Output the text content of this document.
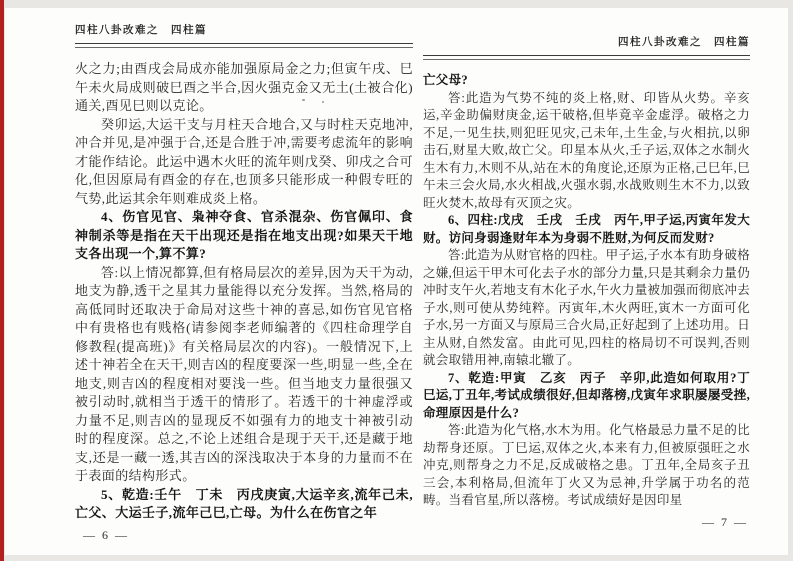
四柱八卦改难之　四柱篇

火之力;由酉戌会局成亦能加强原局金之力;但寅午戌、巳午未火局成则破巳酉之半合,因火强克金又无土(土被合化)通关,酉见巳则以克论。

癸卯运,大运干支与月柱天合地合,又与时柱天克地冲,冲合并见,是冲强于合,还是合胜于冲,需要考虑流年的影响才能作结论。此运中遇木火旺的流年则戊癸、卯戌之合可化,但因原局有酉金的存在,也顶多只能形成一种假专旺的气势,此运其余年则难成炎上格。

4、伤官见官、枭神夺食、官杀混杂、伤官佩印、食神制杀等是指在天干出现还是指在地支出现?如果天干地支各出现一个,算不算?

答:以上情况都算,但有格局层次的差异,因为天干为动,地支为静,透干之星其力量能得以充分发挥。当然,格局的高低同时还取决于命局对这些十神的喜忌,如伤官见官格中有贵格也有贱格(请参阅李老师编著的《四柱命理学自修教程(提高班)》有关格局层次的内容)。一般情况下,上述十神若全在天干,则吉凶的程度要深一些,明显一些,全在地支,则吉凶的程度相对要浅一些。但当地支力量很强又被引动时,就相当于透干的情形了。若透干的十神虚浮或力量不足,则吉凶的显现反不如强有力的地支十神被引动时的程度深。总之,不论上述组合是现于天干,还是藏于地支,还是一藏一透,其吉凶的深浅取决于本身的力量而不在于表面的结构形式。

5、乾造:壬午　丁未　丙戌庚寅,大运辛亥,流年己未,亡父、大运壬子,流年己巳,亡母。为什么在伤官之年

— 6 —
四柱八卦改难之　四柱篇

亡父母?

答:此造为气势不纯的炎上格,财、印皆从火势。辛亥运,辛金助偏财庚金,运干破格,但毕竟辛金虚浮。破格之力不足,一见生扶,则犯旺见灾,己未年,土生金,与火相抗,以卵击石,财星大败,故亡父。印星本从火,壬子运,双体之水制火生木有力,木则不从,站在木的角度论,还原为正格,己巳年,巳午未三会火局,水火相战,火强水弱,水战败则生木不力,以致旺火焚木,故母有灭顶之灾。

6、四柱:戊戌　壬戌　壬戌　丙午,甲子运,丙寅年发大财。访问身弱逢财年本为身弱不胜财,为何反而发财?

答:此造为从财官格的四柱。甲子运,子水本有助身破格之嫌,但运干甲木可化去子水的部分力量,只是其剩余力量仍冲时支午火,若地支有木化子水,午火力量被加强而彻底冲去子水,则可使从势纯粹。丙寅年,木火两旺,寅木一方面可化子水,另一方面又与原局三合火局,正好起到了上述功用。日主从财,自然发富。由此可见,四柱的格局切不可误判,否则就会取错用神,南辕北辙了。

7、乾造:甲寅　乙亥　丙子　辛卯,此造如何取用?丁巳运,丁丑年,考试成绩很好,但却落榜,戊寅年求职屡屡受挫,命理原因是什么?

答:此造为化气格,水木为用。化气格最忌力量不足的比劫帮身还原。丁巳运,双体之火,本来有力,但被原强旺之水冲克,则帮身之力不足,反成破格之患。丁丑年,全局亥子丑三会,本利格局,但流年丁火又为忌神,升学属于功名的范畴。当看官星,所以落榜。考试成绩好是因印星

— 7 —
